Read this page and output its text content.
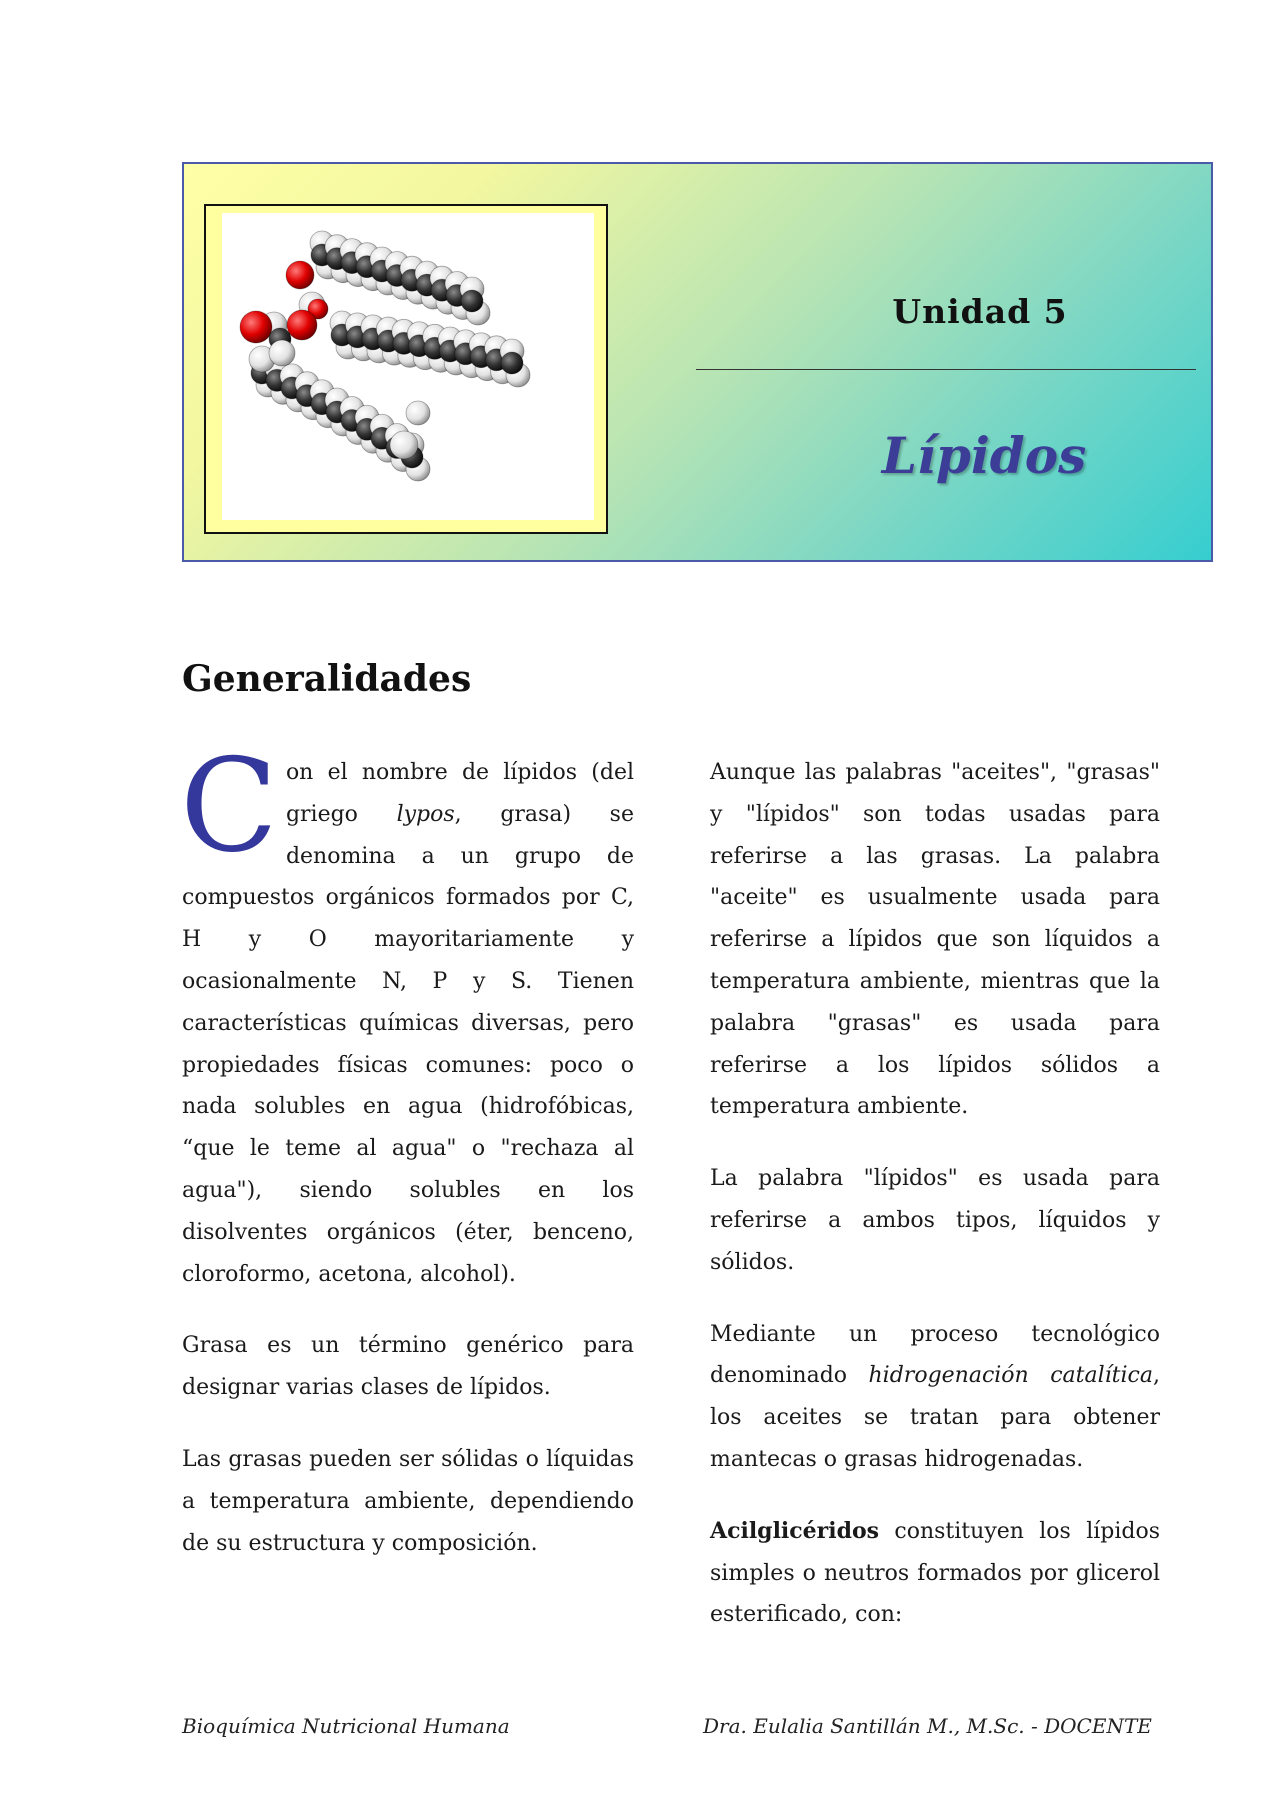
Unidad 5
Lípidos
Generalidades

Con el nombre de lípidos (del griego lypos, grasa) se denomina a un grupo de compuestos orgánicos formados por C, H y O mayoritariamente y ocasionalmente N, P y S. Tienen características químicas diversas, pero propiedades físicas comunes: poco o nada solubles en agua (hidrofóbicas, “que le teme al agua" o "rechaza al agua"), siendo solubles en los disolventes orgánicos (éter, benceno, cloroformo, acetona, alcohol).

Grasa es un término genérico para designar varias clases de lípidos.

Las grasas pueden ser sólidas o líquidas a temperatura ambiente, dependiendo de su estructura y composición.

Aunque las palabras "aceites", "grasas" y "lípidos" son todas usadas para referirse a las grasas. La palabra "aceite" es usualmente usada para referirse a lípidos que son líquidos a temperatura ambiente, mientras que la palabra "grasas" es usada para referirse a los lípidos sólidos a temperatura ambiente.

La palabra "lípidos" es usada para referirse a ambos tipos, líquidos y sólidos.

Mediante un proceso tecnológico denominado hidrogenación catalítica, los aceites se tratan para obtener mantecas o grasas hidrogenadas.

Acilglicéridos constituyen los lípidos simples o neutros formados por glicerol esterificado, con:

Bioquímica Nutricional Humana	Dra. Eulalia Santillán M., M.Sc. - DOCENTE
